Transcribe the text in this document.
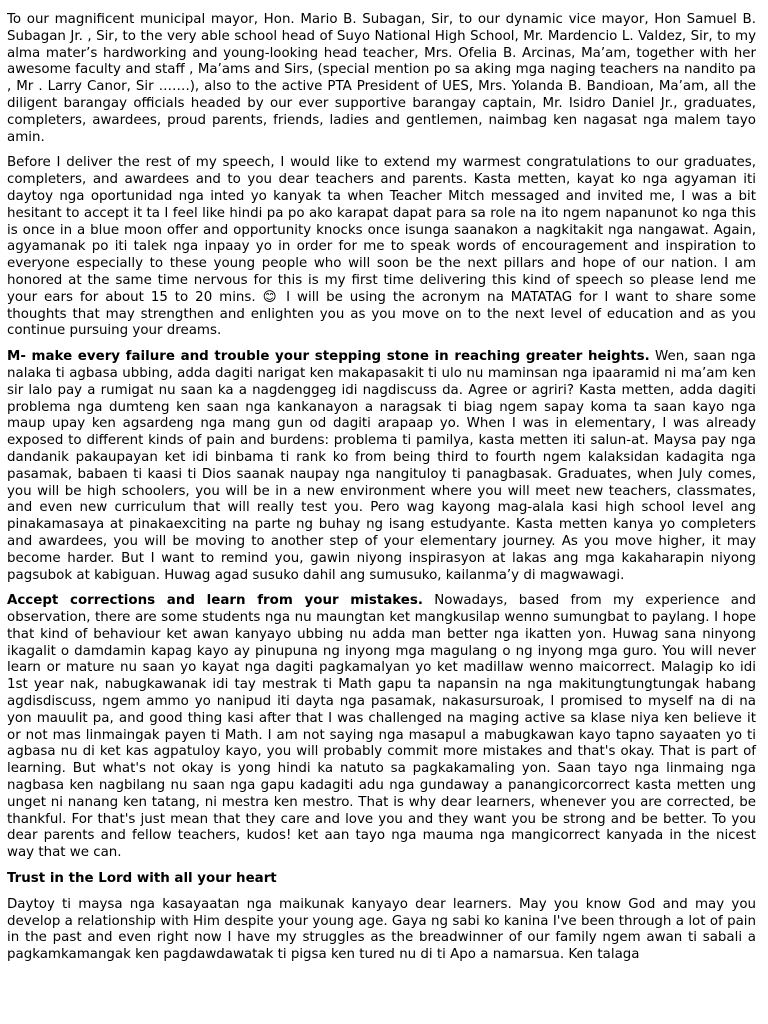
To our magnificent municipal mayor, Hon. Mario B. Subagan, Sir, to our dynamic vice mayor, Hon Samuel B. Subagan Jr. , Sir, to the very able school head of Suyo National High School, Mr. Mardencio L. Valdez, Sir, to my alma mater’s hardworking and young-looking head teacher, Mrs. Ofelia B. Arcinas, Ma’am, together with her awesome faculty and staff , Ma’ams and Sirs, (special mention po sa aking mga naging teachers na nandito pa , Mr . Larry Canor, Sir …….), also to the active PTA President of UES, Mrs. Yolanda B. Bandioan, Ma’am, all the diligent barangay officials headed by our ever supportive barangay captain, Mr. Isidro Daniel Jr., graduates, completers, awardees, proud parents, friends, ladies and gentlemen, naimbag ken nagasat nga malem tayo amin.

Before I deliver the rest of my speech, I would like to extend my warmest congratulations to our graduates, completers, and awardees and to you dear teachers and parents. Kasta metten, kayat ko nga agyaman iti daytoy nga oportunidad nga inted yo kanyak ta when Teacher Mitch messaged and invited me, I was a bit hesitant to accept it ta I feel like hindi pa po ako karapat dapat para sa role na ito ngem napanunot ko nga this is once in a blue moon offer and opportunity knocks once isunga saanakon a nagkitakit nga nangawat. Again, agyamanak po iti talek nga inpaay yo in order for me to speak words of encouragement and inspiration to everyone especially to these young people who will soon be the next pillars and hope of our nation. I am honored at the same time nervous for this is my first time delivering this kind of speech so please lend me your ears for about 15 to 20 mins. 😊 I will be using the acronym na MATATAG for I want to share some thoughts that may strengthen and enlighten you as you move on to the next level of education and as you continue pursuing your dreams.

M- make every failure and trouble your stepping stone in reaching greater heights. Wen, saan nga nalaka ti agbasa ubbing, adda dagiti narigat ken makapasakit ti ulo nu maminsan nga ipaaramid ni ma’am ken sir lalo pay a rumigat nu saan ka a nagdenggeg idi nagdiscuss da. Agree or agriri? Kasta metten, adda dagiti problema nga dumteng ken saan nga kankanayon a naragsak ti biag ngem sapay koma ta saan kayo nga maup upay ken agsardeng nga mang gun od dagiti arapaap yo. When I was in elementary, I was already exposed to different kinds of pain and burdens: problema ti pamilya, kasta metten iti salun-at. Maysa pay nga dandanik pakaupayan ket idi binbama ti rank ko from being third to fourth ngem kalaksidan kadagita nga pasamak, babaen ti kaasi ti Dios saanak naupay nga nangituloy ti panagbasak. Graduates, when July comes, you will be high schoolers, you will be in a new environment where you will meet new teachers, classmates, and even new curriculum that will really test you. Pero wag kayong mag-alala kasi high school level ang pinakamasaya at pinakaexciting na parte ng buhay ng isang estudyante. Kasta metten kanya yo completers and awardees, you will be moving to another step of your elementary journey. As you move higher, it may become harder. But I want to remind you, gawin niyong inspirasyon at lakas ang mga kakaharapin niyong pagsubok at kabiguan. Huwag agad susuko dahil ang sumusuko, kailanma’y di magwawagi.

Accept corrections and learn from your mistakes. Nowadays, based from my experience and observation, there are some students nga nu maungtan ket mangkusilap wenno sumungbat to paylang. I hope that kind of behaviour ket awan kanyayo ubbing nu adda man better nga ikatten yon. Huwag sana ninyong ikagalit o damdamin kapag kayo ay pinupuna ng inyong mga magulang o ng inyong mga guro. You will never learn or mature nu saan yo kayat nga dagiti pagkamalyan yo ket madillaw wenno maicorrect. Malagip ko idi 1st year nak, nabugkawanak idi tay mestrak ti Math gapu ta napansin na nga makitungtungtungak habang agdisdiscuss, ngem ammo yo nanipud iti dayta nga pasamak, nakasursuroak, I promised to myself na di na yon mauulit pa, and good thing kasi after that I was challenged na maging active sa klase niya ken believe it or not mas linmaingak payen ti Math. I am not saying nga masapul a mabugkawan kayo tapno sayaaten yo ti agbasa nu di ket kas agpatuloy kayo, you will probably commit more mistakes and that's okay. That is part of learning. But what's not okay is yong hindi ka natuto sa pagkakamaling yon. Saan tayo nga linmaing nga nagbasa ken nagbilang nu saan nga gapu kadagiti adu nga gundaway a panangicorcorrect kasta metten ung unget ni nanang ken tatang, ni mestra ken mestro. That is why dear learners, whenever you are corrected, be thankful. For that's just mean that they care and love you and they want you be strong and be better. To you dear parents and fellow teachers, kudos! ket aan tayo nga mauma nga mangicorrect kanyada in the nicest way that we can.

Trust in the Lord with all your heart

Daytoy ti maysa nga kasayaatan nga maikunak kanyayo dear learners. May you know God and may you develop a relationship with Him despite your young age. Gaya ng sabi ko kanina I've been through a lot of pain in the past and even right now I have my struggles as the breadwinner of our family ngem awan ti sabali a pagkamkamangak ken pagdawdawatak ti pigsa ken tured nu di ti Apo a namarsua. Ken talaga
